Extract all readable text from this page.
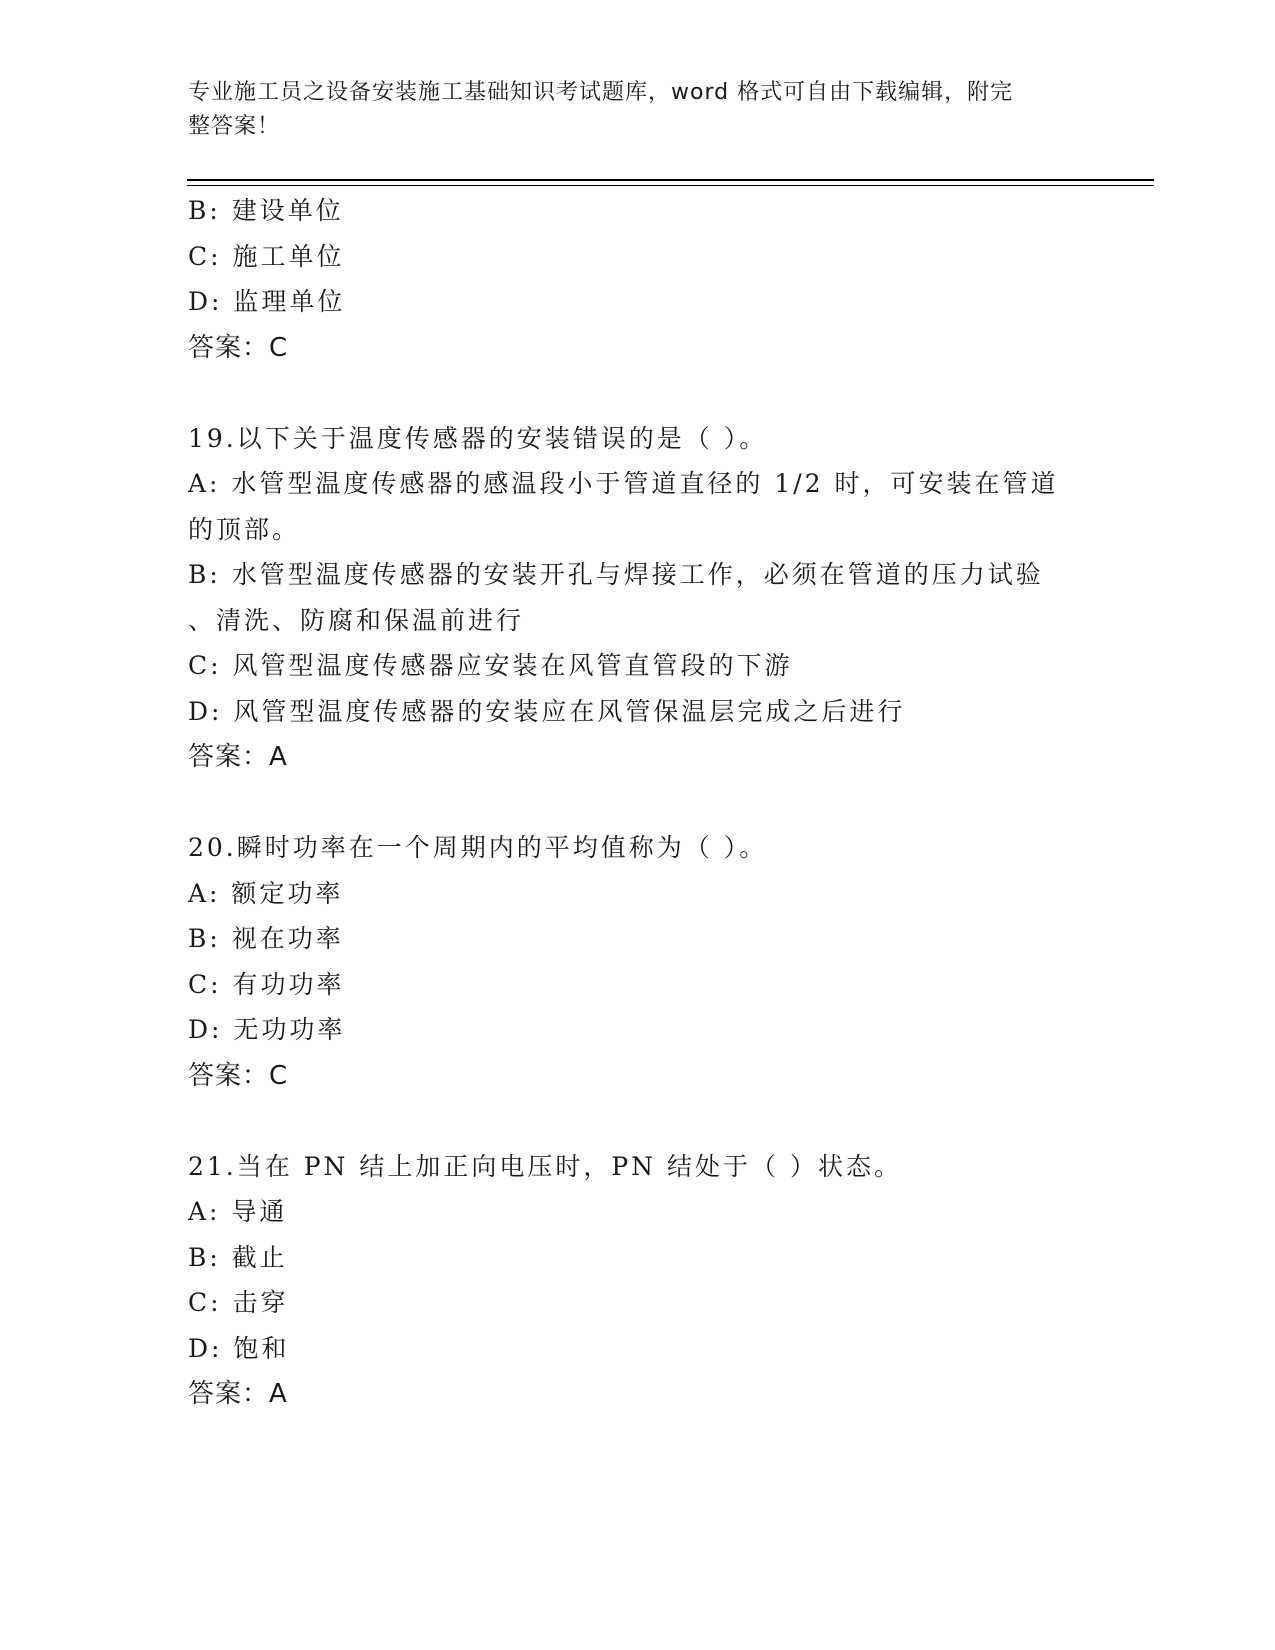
专业施工员之设备安装施工基础知识考试题库，word 格式可自由下载编辑，附完
整答案！
B: 建设单位
C: 施工单位
D: 监理单位
答案：C
19.以下关于温度传感器的安装错误的是（ ）。
A: 水管型温度传感器的感温段小于管道直径的 1/2 时，可安装在管道
的顶部。
B: 水管型温度传感器的安装开孔与焊接工作，必须在管道的压力试验
、清洗、防腐和保温前进行
C: 风管型温度传感器应安装在风管直管段的下游
D: 风管型温度传感器的安装应在风管保温层完成之后进行
答案：A
20.瞬时功率在一个周期内的平均值称为（ ）。
A: 额定功率
B: 视在功率
C: 有功功率
D: 无功功率
答案：C
21.当在 PN 结上加正向电压时，PN 结处于（ ）状态。
A: 导通
B: 截止
C: 击穿
D: 饱和
答案：A
